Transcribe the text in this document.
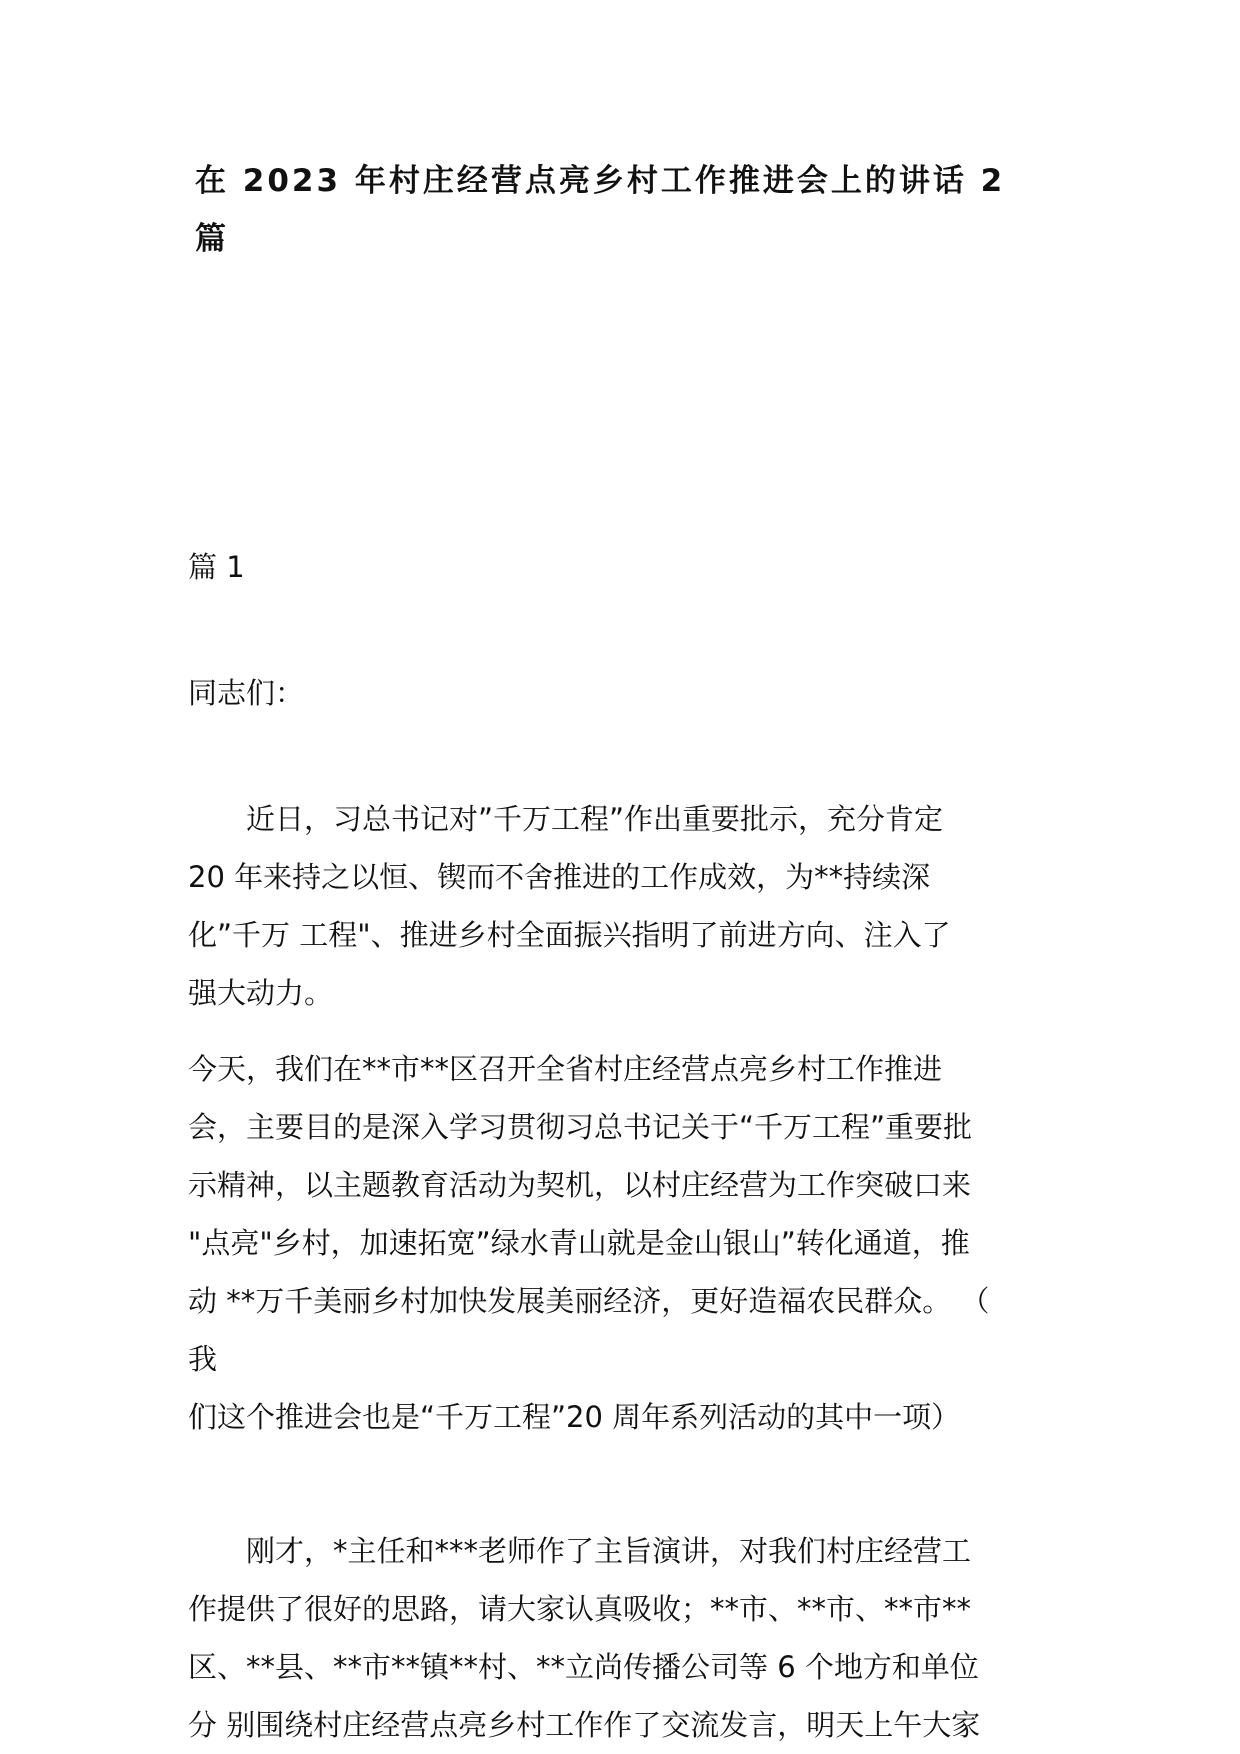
在 2023 年村庄经营点亮乡村工作推进会上的讲话 2
篇
篇 1
同志们：
　　近日，习总书记对”千万工程”作出重要批示，充分肯定
20 年来持之以恒、锲而不舍推进的工作成效，为**持续深
化”千万 工程"、推进乡村全面振兴指明了前进方向、注入了
强大动力。
今天，我们在**市**区召开全省村庄经营点亮乡村工作推进
会，主要目的是深入学习贯彻习总书记关于“千万工程”重要批
示精神，以主题教育活动为契机，以村庄经营为工作突破口来
"点亮"乡村，加速拓宽”绿水青山就是金山银山”转化通道，推
动 **万千美丽乡村加快发展美丽经济，更好造福农民群众。 （
我
们这个推进会也是“千万工程”20 周年系列活动的其中一项）
　　刚才，*主任和***老师作了主旨演讲，对我们村庄经营工
作提供了很好的思路，请大家认真吸收；**市、**市、**市**
区、**县、**市**镇**村、**立尚传播公司等 6 个地方和单位
分 别围绕村庄经营点亮乡村工作作了交流发言，明天上午大家
